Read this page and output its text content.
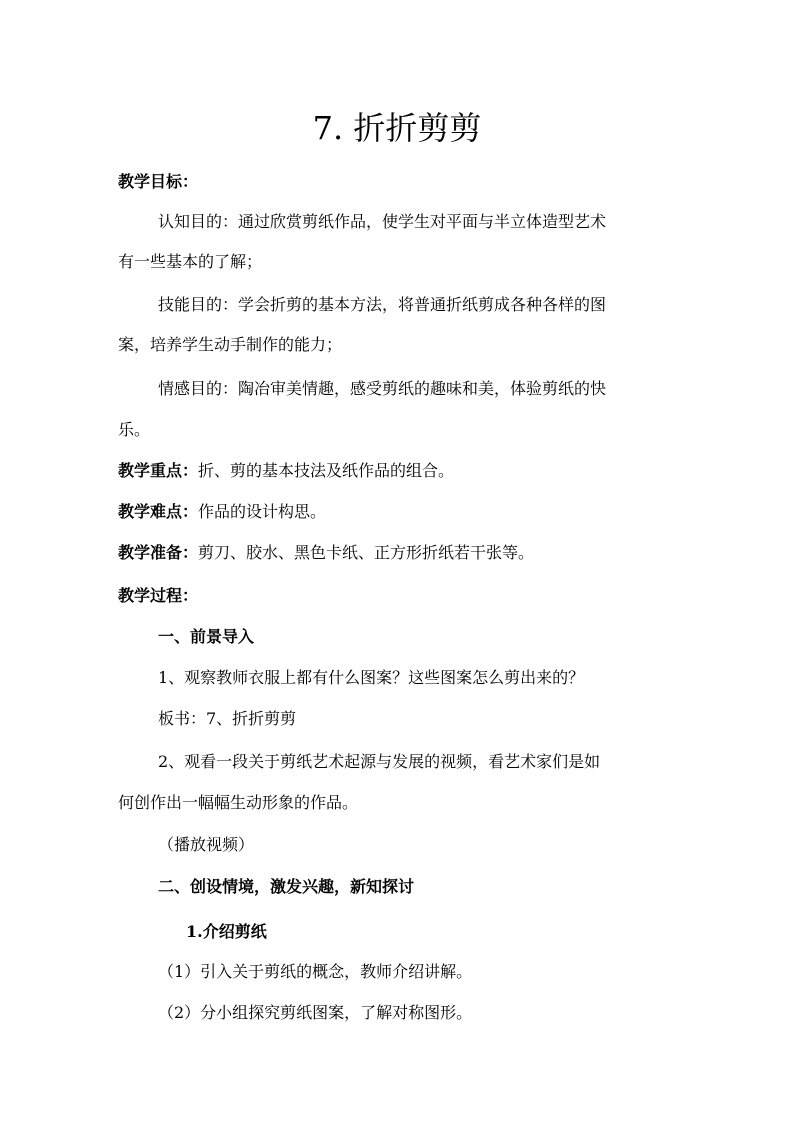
7. 折折剪剪

教学目标：

认知目的：通过欣赏剪纸作品，使学生对平面与半立体造型艺术

有一些基本的了解；

技能目的：学会折剪的基本方法，将普通折纸剪成各种各样的图

案，培养学生动手制作的能力；

情感目的：陶冶审美情趣，感受剪纸的趣味和美，体验剪纸的快

乐。

教学重点：折、剪的基本技法及纸作品的组合。

教学难点：作品的设计构思。

教学准备：剪刀、胶水、黑色卡纸、正方形折纸若干张等。

教学过程：

一、前景导入

1、观察教师衣服上都有什么图案？这些图案怎么剪出来的？

板书：7、折折剪剪

2、观看一段关于剪纸艺术起源与发展的视频，看艺术家们是如

何创作出一幅幅生动形象的作品。

（播放视频）

二、创设情境，激发兴趣，新知探讨

1.介绍剪纸

（1）引入关于剪纸的概念，教师介绍讲解。

（2）分小组探究剪纸图案，了解对称图形。
